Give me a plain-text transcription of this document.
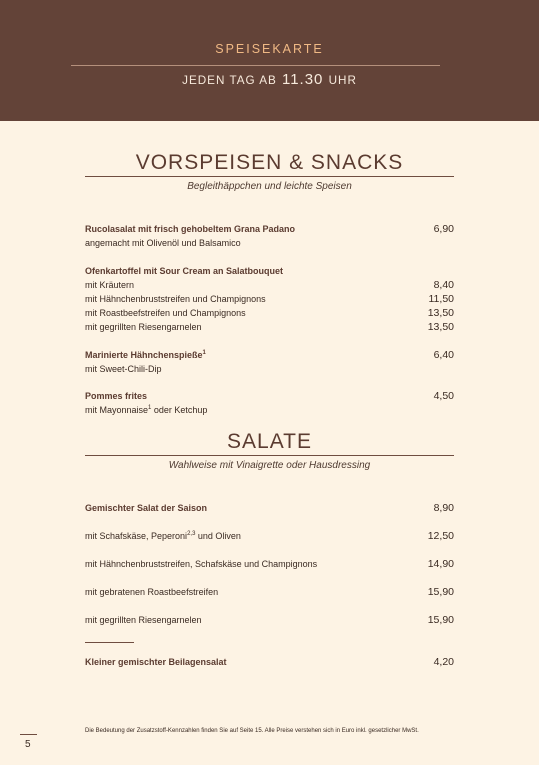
SPEISEKARTE
JEDEN TAG AB 11.30 UHR
VORSPEISEN & SNACKS
Begleithäppchen und leichte Speisen
Rucolasalat mit frisch gehobeltem Grana Padano	6,90
angemacht mit Olivenöl und Balsamico
Ofenkartoffel mit Sour Cream an Salatbouquet
mit Kräutern	8,40
mit Hähnchenbruststreifen und Champignons	11,50
mit Roastbeefstreifen und Champignons	13,50
mit gegrillten Riesengarnelen	13,50
Marinierte Hähnchenspieße$^1$	6,40
mit Sweet-Chili-Dip
Pommes frites	4,50
mit Mayonnaise$^1$ oder Ketchup
SALATE
Wahlweise mit Vinaigrette oder Hausdressing
Gemischter Salat der Saison	8,90
mit Schafskäse, Peperoni$^{2,3}$ und Oliven	12,50
mit Hähnchenbruststreifen, Schafskäse und Champignons	14,90
mit gebratenen Roastbeefstreifen	15,90
mit gegrillten Riesengarnelen	15,90
Kleiner gemischter Beilagensalat	4,20
Die Bedeutung der Zusatzstoff-Kennzahlen finden Sie auf Seite 15. Alle Preise verstehen sich in Euro inkl. gesetzlicher MwSt.
5
